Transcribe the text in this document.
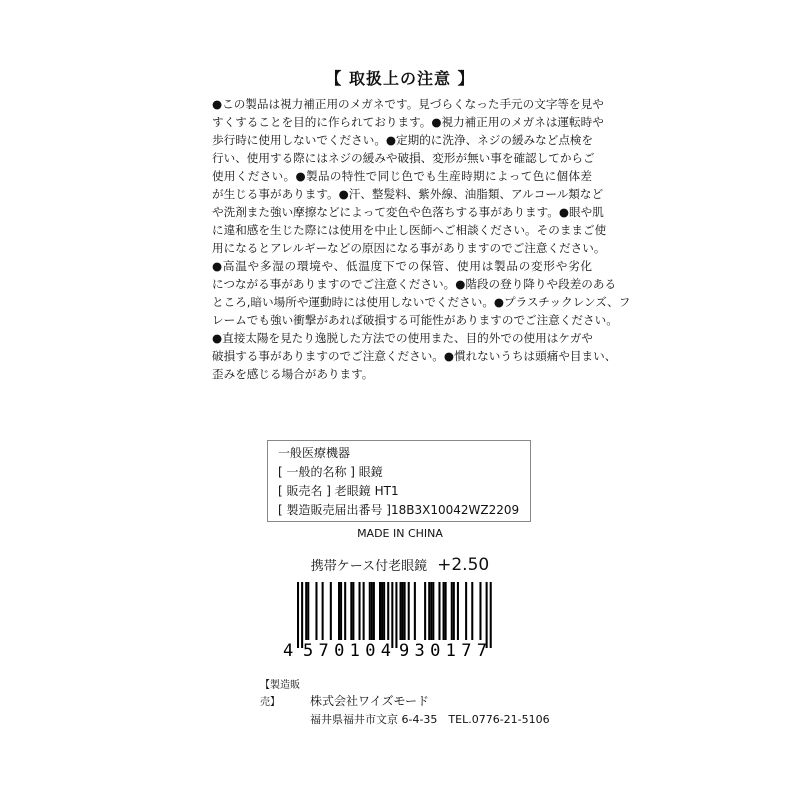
【 取扱上の注意 】
●この製品は視力補正用のメガネです。見づらくなった手元の文字等を見や
すくすることを目的に作られております。●視力補正用のメガネは運転時や
歩行時に使用しないでください。●定期的に洗浄、ネジの緩みなど点検を
行い、使用する際にはネジの緩みや破損、変形が無い事を確認してからご
使用ください。●製品の特性で同じ色でも生産時期によって色に個体差
が生じる事があります。●汗、整髪料、紫外線、油脂類、アルコール類など
や洗剤また強い摩擦などによって変色や色落ちする事があります。●眼や肌
に違和感を生じた際には使用を中止し医師へご相談ください。そのままご使
用になるとアレルギーなどの原因になる事がありますのでご注意ください。
●高温や多湿の環境や、低温度下での保管、使用は製品の変形や劣化
につながる事がありますのでご注意ください。●階段の登り降りや段差のある
ところ,暗い場所や運動時には使用しないでください。●プラスチックレンズ、フ
レームでも強い衝撃があれば破損する可能性がありますのでご注意ください。
●直接太陽を見たり逸脱した方法での使用また、目的外での使用はケガや
破損する事がありますのでご注意ください。●慣れないうちは頭痛や目まい、
歪みを感じる場合があります。
一般医療機器
[ 一般的名称 ] 眼鏡
[ 販売名 ] 老眼鏡 HT1
[ 製造販売届出番号 ]18B3X10042WZ2209
MADE IN CHINA
携帯ケース付老眼鏡 +2.50
4 570104 930177
【製造販売】	株式会社ワイズモード
福井県福井市文京 6-4-35　TEL.0776-21-5106
